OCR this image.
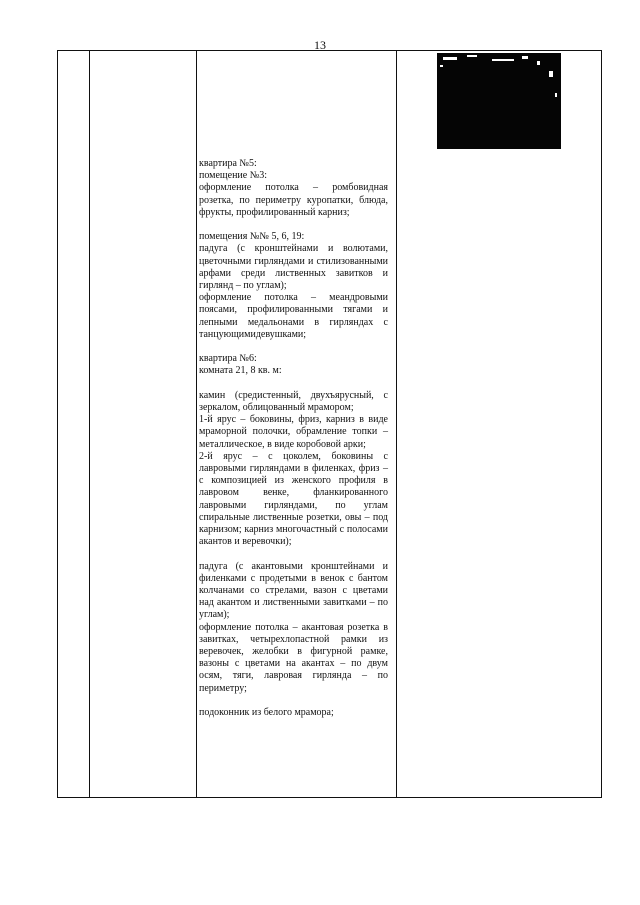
13

квартира №5:

помещение №3:

оформление потолка – ромбовидная розетка, по периметру куропатки, блюда, фрукты, профилированный карниз;

помещения №№ 5, 6, 19:

падуга (с кронштейнами и волютами, цветочными гирляндами и стилизованными арфами среди лиственных завитков и гирлянд – по углам);

оформление потолка – меандровыми поясами, профилированными тягами и лепными медальонами в гирляндах с танцующимидевушками;

квартира №6:

комната 21, 8 кв. м:

камин (средистенный, двухъярусный, с зеркалом, облицованный мрамором;

1-й ярус – боковины, фриз, карниз в виде мраморной полочки, обрамление топки – металлическое, в виде коробовой арки;

2-й ярус – с цоколем, боковины с лавровыми гирляндами в филенках, фриз – с композицией из женского профиля в лавровом венке, фланкированного лавровыми гирляндами, по углам спиральные лиственные розетки, овы – под карнизом; карниз многочастный с полосами акантов и веревочки);

падуга (с акантовыми кронштейнами и филенками с продетыми в венок с бантом колчанами со стрелами, вазон с цветами над акантом и лиственными завитками – по углам);

оформление потолка – акантовая розетка в завитках, четырехлопастной рамки из веревочек, желобки в фигурной рамке, вазоны с цветами на акантах – по двум осям, тяги, лавровая гирлянда – по периметру;

подоконник из белого мрамора;
